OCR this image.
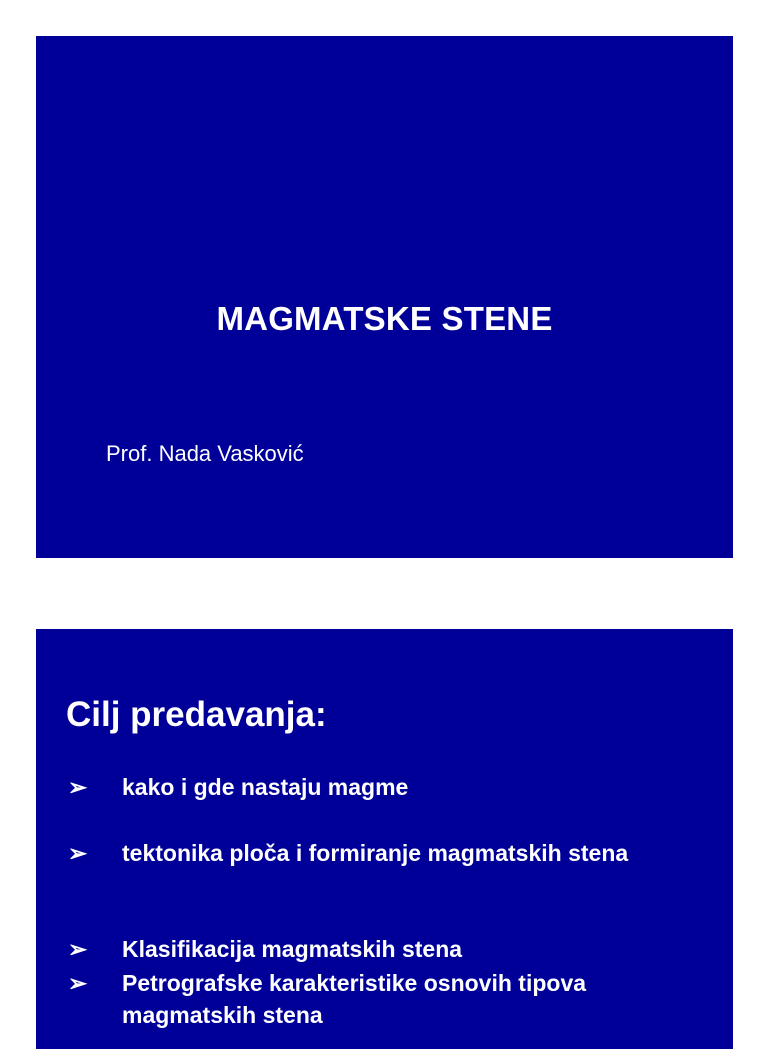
MAGMATSKE STENE
Prof. Nada Vasković
Cilj predavanja:
➢ kako i gde nastaju magme
➢ tektonika ploča i formiranje magmatskih stena
➢ Klasifikacija magmatskih stena
➢ Petrografske karakteristike osnovih tipova magmatskih stena
